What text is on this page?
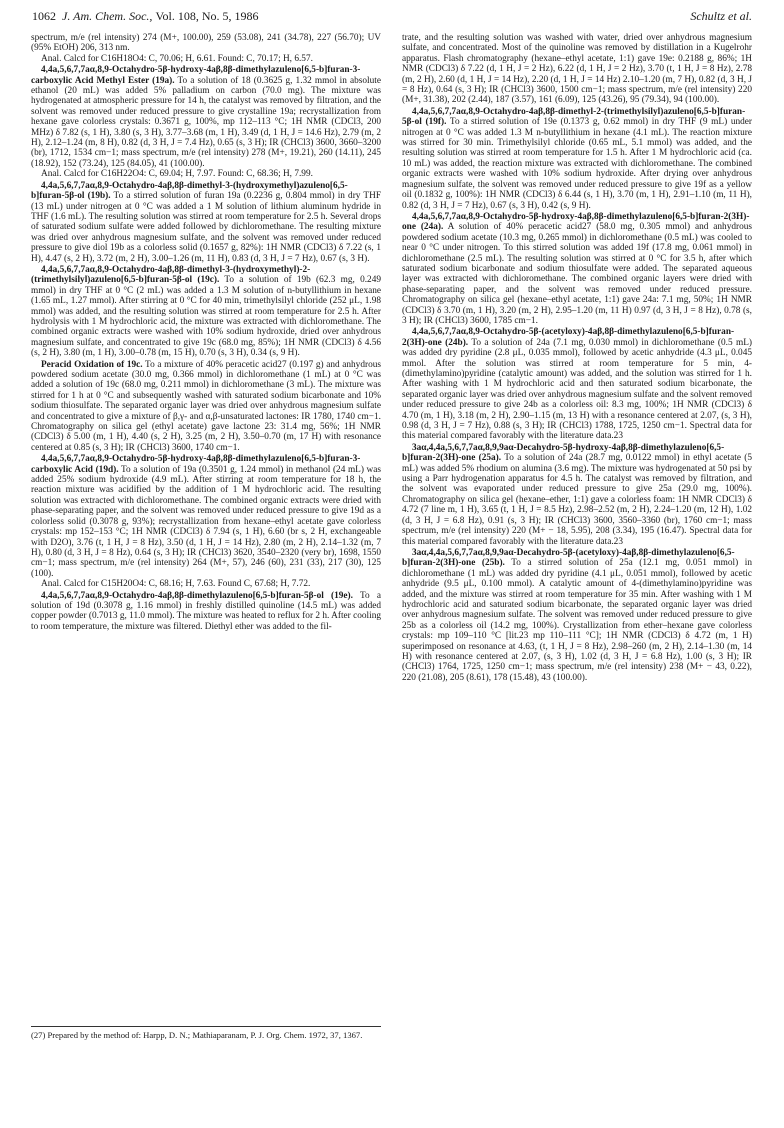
1062 J. Am. Chem. Soc., Vol. 108, No. 5, 1986	Schultz et al.

spectrum, m/e (rel intensity) 274 (M+, 100.00), 259 (53.08), 241 (34.78), 227 (56.70); UV (95% EtOH) 206, 313 nm.

Anal. Calcd for C16H18O4: C, 70.06; H, 6.61. Found: C, 70.17; H, 6.57.

4,4a,5,6,7,7aα,8,9-Octahydro-5β-hydroxy-4aβ,8β-dimethylazuleno[6,5-b]furan-3-carboxylic Acid Methyl Ester (19a). To a solution of 18 (0.3625 g, 1.32 mmol in absolute ethanol (20 mL) was added 5% palladium on carbon (70.0 mg). The mixture was hydrogenated at atmospheric pressure for 14 h, the catalyst was removed by filtration, and the solvent was removed under reduced pressure to give crystalline 19a; recrystallization from hexane gave colorless crystals: 0.3671 g, 100%, mp 112–113 °C; 1H NMR (CDCl3, 200 MHz) δ 7.82 (s, 1 H), 3.80 (s, 3 H), 3.77–3.68 (m, 1 H), 3.49 (d, 1 H, J = 14.6 Hz), 2.79 (m, 2 H), 2.12–1.24 (m, 8 H), 0.82 (d, 3 H, J = 7.4 Hz), 0.65 (s, 3 H); IR (CHCl3) 3600, 3660–3200 (br), 1712, 1534 cm−1; mass spectrum, m/e (rel intensity) 278 (M+, 19.21), 260 (14.11), 245 (18.92), 152 (73.24), 125 (84.05), 41 (100.00).

Anal. Calcd for C16H22O4: C, 69.04; H, 7.97. Found: C, 68.36; H, 7.99.

4,4a,5,6,7,7aα,8,9-Octahydro-4aβ,8β-dimethyl-3-(hydroxymethyl)azuleno[6,5-b]furan-5β-ol (19b). To a stirred solution of furan 19a (0.2236 g, 0.804 mmol) in dry THF (13 mL) under nitrogen at 0 °C was added a 1 M solution of lithium aluminum hydride in THF (1.6 mL). The resulting solution was stirred at room temperature for 2.5 h. Several drops of saturated sodium sulfate were added followed by dichloromethane. The resulting mixture was dried over anhydrous magnesium sulfate, and the solvent was removed under reduced pressure to give diol 19b as a colorless solid (0.1657 g, 82%): 1H NMR (CDCl3) δ 7.22 (s, 1 H), 4.47 (s, 2 H), 3.72 (m, 2 H), 3.00–1.26 (m, 11 H), 0.83 (d, 3 H, J = 7 Hz), 0.67 (s, 3 H).

4,4a,5,6,7,7aα,8,9-Octahydro-4aβ,8β-dimethyl-3-(hydroxymethyl)-2-(trimethylsilyl)azuleno[6,5-b]furan-5β-ol (19c). To a solution of 19b (62.3 mg, 0.249 mmol) in dry THF at 0 °C (2 mL) was added a 1.3 M solution of n-butyllithium in hexane (1.65 mL, 1.27 mmol). After stirring at 0 °C for 40 min, trimethylsilyl chloride (252 μL, 1.98 mmol) was added, and the resulting solution was stirred at room temperature for 2.5 h. After hydrolysis with 1 M hydrochloric acid, the mixture was extracted with dichloromethane. The combined organic extracts were washed with 10% sodium hydroxide, dried over anhydrous magnesium sulfate, and concentrated to give 19c (68.0 mg, 85%); 1H NMR (CDCl3) δ 4.56 (s, 2 H), 3.80 (m, 1 H), 3.00–0.78 (m, 15 H), 0.70 (s, 3 H), 0.34 (s, 9 H).

Peracid Oxidation of 19c. To a mixture of 40% peracetic acid27 (0.197 g) and anhydrous powdered sodium acetate (30.0 mg, 0.366 mmol) in dichloromethane (1 mL) at 0 °C was added a solution of 19c (68.0 mg, 0.211 mmol) in dichloromethane (3 mL). The mixture was stirred for 1 h at 0 °C and subsequently washed with saturated sodium bicarbonate and 10% sodium thiosulfate. The separated organic layer was dried over anhydrous magnesium sulfate and concentrated to give a mixture of β,γ- and α,β-unsaturated lactones: IR 1780, 1740 cm−1. Chromatography on silica gel (ethyl acetate) gave lactone 23: 31.4 mg, 56%; 1H NMR (CDCl3) δ 5.00 (m, 1 H), 4.40 (s, 2 H), 3.25 (m, 2 H), 3.50–0.70 (m, 17 H) with resonance centered at 0.85 (s, 3 H); IR (CHCl3) 3600, 1740 cm−1.

4,4a,5,6,7,7aα,8,9-Octahydro-5β-hydroxy-4aβ,8β-dimethylazuleno[6,5-b]furan-3-carboxylic Acid (19d). To a solution of 19a (0.3501 g, 1.24 mmol) in methanol (24 mL) was added 25% sodium hydroxide (4.9 mL). After stirring at room temperature for 18 h, the reaction mixture was acidified by the addition of 1 M hydrochloric acid. The resulting solution was extracted with dichloromethane. The combined organic extracts were dried with phase-separating paper, and the solvent was removed under reduced pressure to give 19d as a colorless solid (0.3078 g, 93%); recrystallization from hexane–ethyl acetate gave colorless crystals: mp 152–153 °C; 1H NMR (CDCl3) δ 7.94 (s, 1 H), 6.60 (br s, 2 H, exchangeable with D2O), 3.76 (t, 1 H, J = 8 Hz), 3.50 (d, 1 H, J = 14 Hz), 2.80 (m, 2 H), 2.14–1.32 (m, 7 H), 0.80 (d, 3 H, J = 8 Hz), 0.64 (s, 3 H); IR (CHCl3) 3620, 3540–2320 (very br), 1698, 1550 cm−1; mass spectrum, m/e (rel intensity) 264 (M+, 57), 246 (60), 231 (33), 217 (30), 125 (100).

Anal. Calcd for C15H20O4: C, 68.16; H, 7.63. Found C, 67.68; H, 7.72.

4,4a,5,6,7,7aα,8,9-Octahydro-4aβ,8β-dimethylazuleno[6,5-b]furan-5β-ol (19e). To a solution of 19d (0.3078 g, 1.16 mmol) in freshly distilled quinoline (14.5 mL) was added copper powder (0.7013 g, 11.0 mmol). The mixture was heated to reflux for 2 h. After cooling to room temperature, the mixture was filtered. Diethyl ether was added to the fil-

trate, and the resulting solution was washed with water, dried over anhydrous magnesium sulfate, and concentrated. Most of the quinoline was removed by distillation in a Kugelrohr apparatus. Flash chromatography (hexane–ethyl acetate, 1:1) gave 19e: 0.2188 g, 86%; 1H NMR (CDCl3) δ 7.22 (d, 1 H, J = 2 Hz), 6.22 (d, 1 H, J = 2 Hz), 3.70 (t, 1 H, J = 8 Hz), 2.78 (m, 2 H), 2.60 (d, 1 H, J = 14 Hz), 2.20 (d, 1 H, J = 14 Hz) 2.10–1.20 (m, 7 H), 0.82 (d, 3 H, J = 8 Hz), 0.64 (s, 3 H); IR (CHCl3) 3600, 1500 cm−1; mass spectrum, m/e (rel intensity) 220 (M+, 31.38), 202 (2.44), 187 (3.57), 161 (6.09), 125 (43.26), 95 (79.34), 94 (100.00).

4,4a,5,6,7,7aα,8,9-Octahydro-4aβ,8β-dimethyl-2-(trimethylsilyl)azuleno[6,5-b]furan-5β-ol (19f). To a stirred solution of 19e (0.1373 g, 0.62 mmol) in dry THF (9 mL) under nitrogen at 0 °C was added 1.3 M n-butyllithium in hexane (4.1 mL). The reaction mixture was stirred for 30 min. Trimethylsilyl chloride (0.65 mL, 5.1 mmol) was added, and the resulting solution was stirred at room temperature for 1.5 h. After 1 M hydrochloric acid (ca. 10 mL) was added, the reaction mixture was extracted with dichloromethane. The combined organic extracts were washed with 10% sodium hydroxide. After drying over anhydrous magnesium sulfate, the solvent was removed under reduced pressure to give 19f as a yellow oil (0.1832 g, 100%): 1H NMR (CDCl3) δ 6.44 (s, 1 H), 3.70 (m, 1 H), 2.91–1.10 (m, 11 H), 0.82 (d, 3 H, J = 7 Hz), 0.67 (s, 3 H), 0.42 (s, 9 H).

4,4a,5,6,7,7aα,8,9-Octahydro-5β-hydroxy-4aβ,8β-dimethylazuleno[6,5-b]furan-2(3H)-one (24a). A solution of 40% peracetic acid27 (58.0 mg, 0.305 mmol) and anhydrous powdered sodium acetate (10.3 mg, 0.265 mmol) in dichloromethane (0.5 mL) was cooled to near 0 °C under nitrogen. To this stirred solution was added 19f (17.8 mg, 0.061 mmol) in dichloromethane (2.5 mL). The resulting solution was stirred at 0 °C for 3.5 h, after which saturated sodium bicarbonate and sodium thiosulfate were added. The separated aqueous layer was extracted with dichloromethane. The combined organic layers were dried with phase-separating paper, and the solvent was removed under reduced pressure. Chromatography on silica gel (hexane–ethyl acetate, 1:1) gave 24a: 7.1 mg, 50%; 1H NMR (CDCl3) δ 3.70 (m, 1 H), 3.20 (m, 2 H), 2.95–1.20 (m, 11 H) 0.97 (d, 3 H, J = 8 Hz), 0.78 (s, 3 H); IR (CHCl3) 3600, 1785 cm−1.

4,4a,5,6,7,7aα,8,9-Octahydro-5β-(acetyloxy)-4aβ,8β-dimethylazuleno[6,5-b]furan-2(3H)-one (24b). To a solution of 24a (7.1 mg, 0.030 mmol) in dichloromethane (0.5 mL) was added dry pyridine (2.8 μL, 0.035 mmol), followed by acetic anhydride (4.3 μL, 0.045 mmol. After the solution was stirred at room temperature for 5 min, 4-(dimethylamino)pyridine (catalytic amount) was added, and the solution was stirred for 1 h. After washing with 1 M hydrochloric acid and then saturated sodium bicarbonate, the separated organic layer was dried over anhydrous magnesium sulfate and the solvent removed under reduced pressure to give 24b as a colorless oil: 8.3 mg, 100%; 1H NMR (CDCl3) δ 4.70 (m, 1 H), 3.18 (m, 2 H), 2.90–1.15 (m, 13 H) with a resonance centered at 2.07, (s, 3 H), 0.98 (d, 3 H, J = 7 Hz), 0.88 (s, 3 H); IR (CHCl3) 1788, 1725, 1250 cm−1. Spectral data for this material compared favorably with the literature data.23

3aα,4,4a,5,6,7,7aα,8,9,9aα-Decahydro-5β-hydroxy-4aβ,8β-dimethylazuleno[6,5-b]furan-2(3H)-one (25a). To a solution of 24a (28.7 mg, 0.0122 mmol) in ethyl acetate (5 mL) was added 5% rhodium on alumina (3.6 mg). The mixture was hydrogenated at 50 psi by using a Parr hydrogenation apparatus for 4.5 h. The catalyst was removed by filtration, and the solvent was evaporated under reduced pressure to give 25a (29.0 mg, 100%). Chromatography on silica gel (hexane–ether, 1:1) gave a colorless foam: 1H NMR CDCl3) δ 4.72 (7 line m, 1 H), 3.65 (t, 1 H, J = 8.5 Hz), 2.98–2.52 (m, 2 H), 2.24–1.20 (m, 12 H), 1.02 (d, 3 H, J = 6.8 Hz), 0.91 (s, 3 H); IR (CHCl3) 3600, 3560–3360 (br), 1760 cm−1; mass spectrum, m/e (rel intensity) 220 (M+ − 18, 5.95), 208 (3.34), 195 (16.47). Spectral data for this material compared favorably with the literature data.23

3aα,4,4a,5,6,7,7aα,8,9,9aα-Decahydro-5β-(acetyloxy)-4aβ,8β-dimethylazuleno[6,5-b]furan-2(3H)-one (25b). To a stirred solution of 25a (12.1 mg, 0.051 mmol) in dichloromethane (1 mL) was added dry pyridine (4.1 μL, 0.051 mmol), followed by acetic anhydride (9.5 μL, 0.100 mmol). A catalytic amount of 4-(dimethylamino)pyridine was added, and the mixture was stirred at room temperature for 35 min. After washing with 1 M hydrochloric acid and saturated sodium bicarbonate, the separated organic layer was dried over anhydrous magnesium sulfate. The solvent was removed under reduced pressure to give 25b as a colorless oil (14.2 mg, 100%). Crystallization from ether–hexane gave colorless crystals: mp 109–110 °C [lit.23 mp 110–111 °C]; 1H NMR (CDCl3) δ 4.72 (m, 1 H) superimposed on resonance at 4.63, (t, 1 H, J = 8 Hz), 2.98–260 (m, 2 H), 2.14–1.30 (m, 14 H) with resonance centered at 2.07, (s, 3 H), 1.02 (d, 3 H, J = 6.8 Hz), 1.00 (s, 3 H); IR (CHCl3) 1764, 1725, 1250 cm−1; mass spectrum, m/e (rel intensity) 238 (M+ − 43, 0.22), 220 (21.08), 205 (8.61), 178 (15.48), 43 (100.00).

(27) Prepared by the method of: Harpp, D. N.; Mathiaparanam, P. J. Org. Chem. 1972, 37, 1367.
